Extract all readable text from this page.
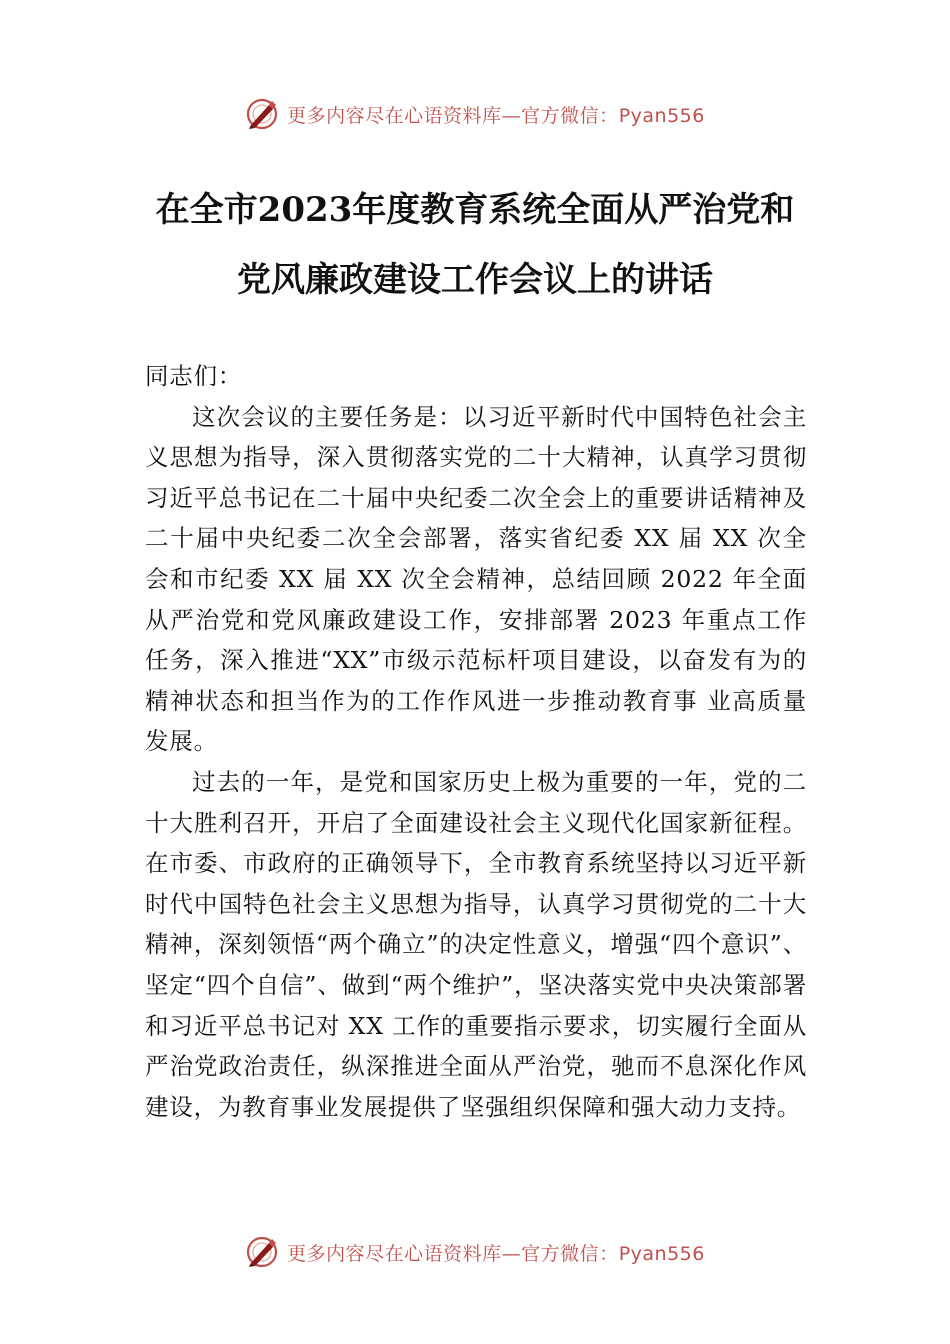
更多内容尽在心语资料库—官方微信：Pyan556
在全市2023年度教育系统全面从严治党和
党风廉政建设工作会议上的讲话

同志们：

这次会议的主要任务是：以习近平新时代中国特色社会主义思想为指导，深入贯彻落实党的二十大精神，认真学习贯彻习近平总书记在二十届中央纪委二次全会上的重要讲话精神及二十届中央纪委二次全会部署，落实省纪委 XX 届 XX 次全会和市纪委 XX 届 XX 次全会精神，总结回顾 2022 年全面从严治党和党风廉政建设工作，安排部署 2023 年重点工作任务，深入推进“XX”市级示范标杆项目建设，以奋发有为的精神状态和担当作为的工作作风进一步推动教育事 业高质量发展。

过去的一年，是党和国家历史上极为重要的一年，党的二十大胜利召开，开启了全面建设社会主义现代化国家新征程。在市委、市政府的正确领导下，全市教育系统坚持以习近平新时代中国特色社会主义思想为指导，认真学习贯彻党的二十大精神，深刻领悟“两个确立”的决定性意义，增强“四个意识”、坚定“四个自信”、做到“两个维护”，坚决落实党中央决策部署和习近平总书记对 XX 工作的重要指示要求，切实履行全面从严治党政治责任，纵深推进全面从严治党，驰而不息深化作风建设，为教育事业发展提供了坚强组织保障和强大动力支持。

更多内容尽在心语资料库—官方微信：Pyan556
